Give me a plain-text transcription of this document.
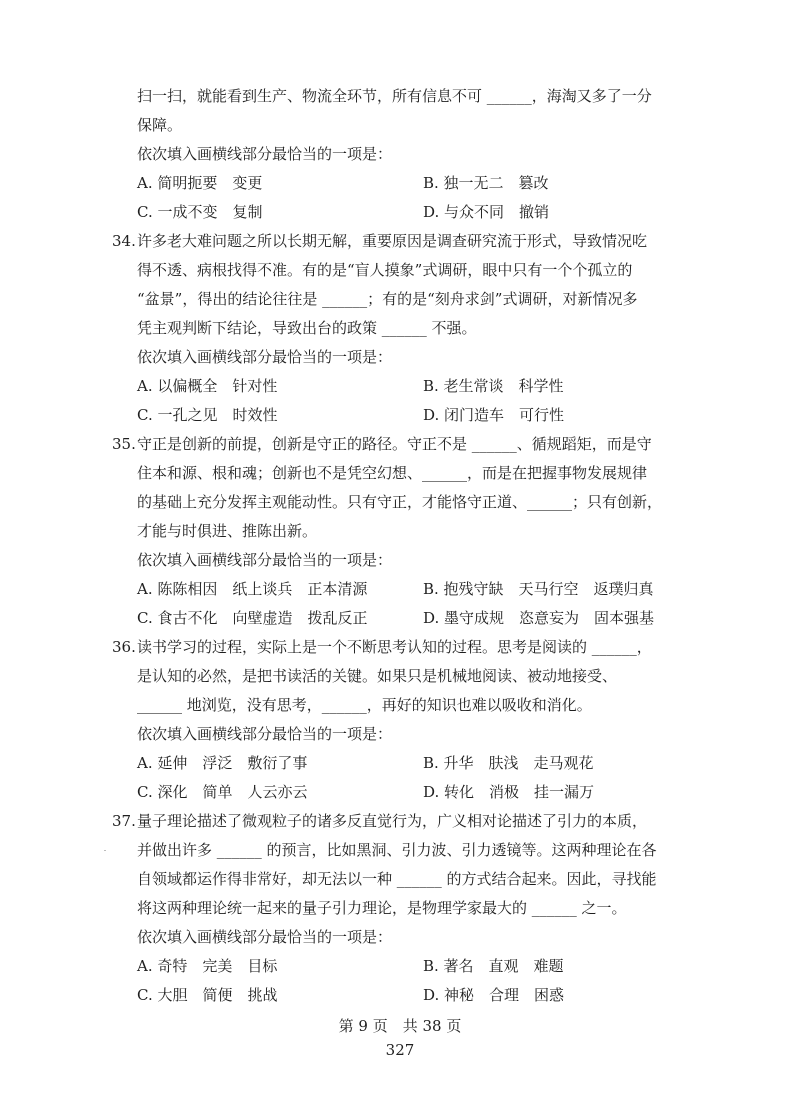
扫一扫，就能看到生产、物流全环节，所有信息不可 ______，海淘又多了一分
保障。
依次填入画横线部分最恰当的一项是：
A. 简明扼要　变更	B. 独一无二　篡改
C. 一成不变　复制	D. 与众不同　撤销
34. 许多老大难问题之所以长期无解，重要原因是调查研究流于形式，导致情况吃
得不透、病根找得不准。有的是“盲人摸象”式调研，眼中只有一个个孤立的
“盆景”，得出的结论往往是 ______；有的是“刻舟求剑”式调研，对新情况多
凭主观判断下结论，导致出台的政策 ______ 不强。
依次填入画横线部分最恰当的一项是：
A. 以偏概全　针对性	B. 老生常谈　科学性
C. 一孔之见　时效性	D. 闭门造车　可行性
35. 守正是创新的前提，创新是守正的路径。守正不是 ______、循规蹈矩，而是守
住本和源、根和魂；创新也不是凭空幻想、______，而是在把握事物发展规律
的基础上充分发挥主观能动性。只有守正，才能恪守正道、______；只有创新，
才能与时俱进、推陈出新。
依次填入画横线部分最恰当的一项是：
A. 陈陈相因　纸上谈兵　正本清源	B. 抱残守缺　天马行空　返璞归真
C. 食古不化　向壁虚造　拨乱反正	D. 墨守成规　恣意妄为　固本强基
36. 读书学习的过程，实际上是一个不断思考认知的过程。思考是阅读的 ______，
是认知的必然，是把书读活的关键。如果只是机械地阅读、被动地接受、
______ 地浏览，没有思考，______，再好的知识也难以吸收和消化。
依次填入画横线部分最恰当的一项是：
A. 延伸　浮泛　敷衍了事	B. 升华　肤浅　走马观花
C. 深化　简单　人云亦云	D. 转化　消极　挂一漏万
37. 量子理论描述了微观粒子的诸多反直觉行为，广义相对论描述了引力的本质，
并做出许多 ______ 的预言，比如黑洞、引力波、引力透镜等。这两种理论在各
自领域都运作得非常好，却无法以一种 ______ 的方式结合起来。因此，寻找能
将这两种理论统一起来的量子引力理论，是物理学家最大的 ______ 之一。
依次填入画横线部分最恰当的一项是：
A. 奇特　完美　目标	B. 著名　直观　难题
C. 大胆　简便　挑战	D. 神秘　合理　困惑
第 9 页　共 38 页
327
